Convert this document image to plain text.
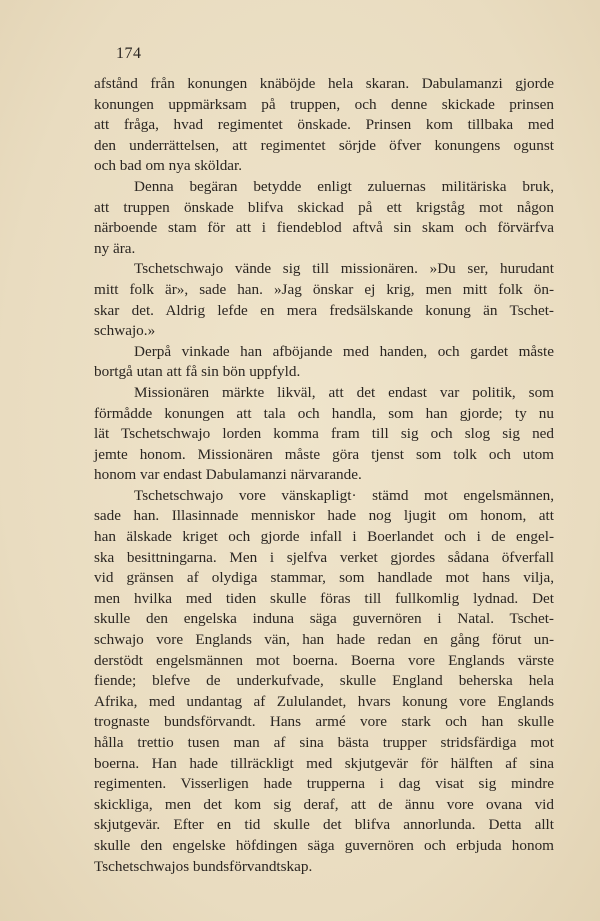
174
afstånd från konungen knäböjde hela skaran. Dabulamanzi gjorde
konungen uppmärksam på truppen, och denne skickade prinsen
att fråga, hvad regimentet önskade. Prinsen kom tillbaka med
den underrättelsen, att regimentet sörjde öfver konungens ogunst
och bad om nya sköldar.
Denna begäran betydde enligt zuluernas militäriska bruk,
att truppen önskade blifva skickad på ett krigståg mot någon
närboende stam för att i fiendeblod aftvå sin skam och förvärfva
ny ära.
Tschetschwajo vände sig till missionären. »Du ser, hurudant
mitt folk är», sade han. »Jag önskar ej krig, men mitt folk ön-
skar det. Aldrig lefde en mera fredsälskande konung än Tschet-
schwajo.»
Derpå vinkade han afböjande med handen, och gardet måste
bortgå utan att få sin bön uppfyld.
Missionären märkte likväl, att det endast var politik, som
förmådde konungen att tala och handla, som han gjorde; ty nu
lät Tschetschwajo lorden komma fram till sig och slog sig ned
jemte honom. Missionären måste göra tjenst som tolk och utom
honom var endast Dabulamanzi närvarande.
Tschetschwajo vore vänskapligt· stämd mot engelsmännen,
sade han. Illasinnade menniskor hade nog ljugit om honom, att
han älskade kriget och gjorde infall i Boerlandet och i de engel-
ska besittningarna. Men i sjelfva verket gjordes sådana öfverfall
vid gränsen af olydiga stammar, som handlade mot hans vilja,
men hvilka med tiden skulle föras till fullkomlig lydnad. Det
skulle den engelska induna säga guvernören i Natal. Tschet-
schwajo vore Englands vän, han hade redan en gång förut un-
derstödt engelsmännen mot boerna. Boerna vore Englands värste
fiende; blefve de underkufvade, skulle England beherska hela
Afrika, med undantag af Zululandet, hvars konung vore Englands
trognaste bundsförvandt. Hans armé vore stark och han skulle
hålla trettio tusen man af sina bästa trupper stridsfärdiga mot
boerna. Han hade tillräckligt med skjutgevär för hälften af sina
regimenten. Visserligen hade trupperna i dag visat sig mindre
skickliga, men det kom sig deraf, att de ännu vore ovana vid
skjutgevär. Efter en tid skulle det blifva annorlunda. Detta allt
skulle den engelske höfdingen säga guvernören och erbjuda honom
Tschetschwajos bundsförvandtskap.
